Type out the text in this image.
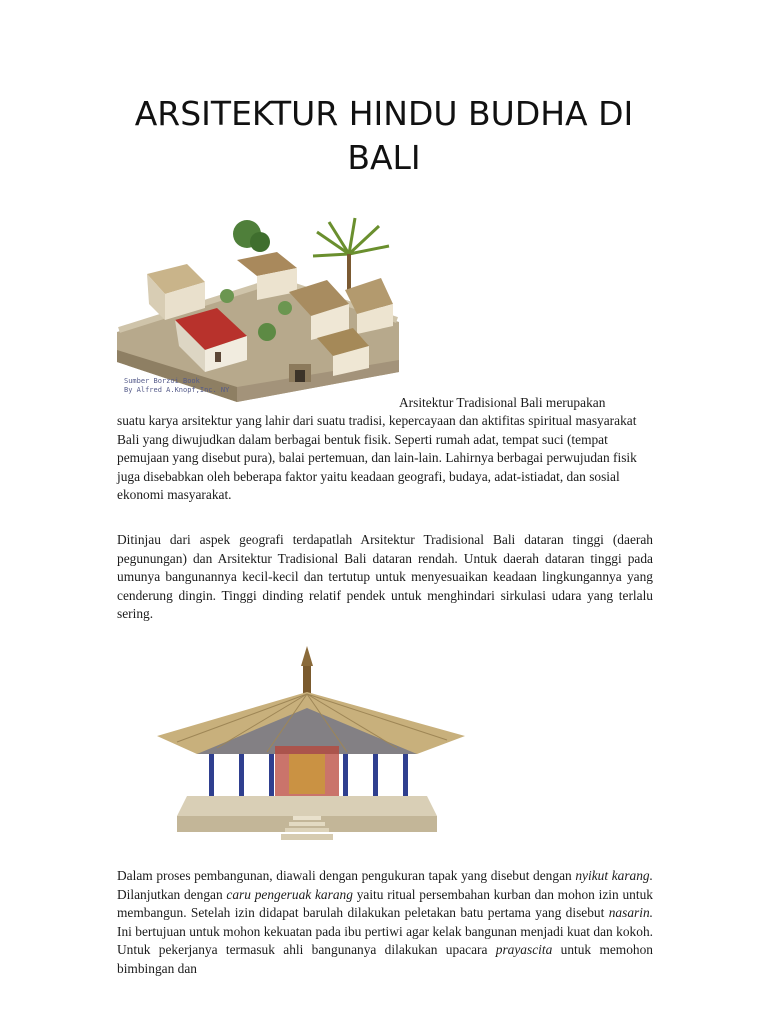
ARSITEKTUR HINDU BUDHA DI BALI
Sumber Borzoi Book
By Alfred A.Knopf,Inc. NY
Arsitektur Tradisional Bali merupakan
suatu karya arsitektur yang lahir dari suatu tradisi, kepercayaan dan aktifitas spiritual masyarakat Bali yang diwujudkan dalam berbagai bentuk fisik. Seperti rumah adat, tempat suci (tempat pemujaan yang disebut pura), balai pertemuan, dan lain-lain. Lahirnya berbagai perwujudan fisik juga disebabkan oleh beberapa faktor yaitu keadaan geografi, budaya, adat-istiadat, dan sosial ekonomi masyarakat.
Ditinjau dari aspek geografi terdapatlah Arsitektur Tradisional Bali dataran tinggi (daerah pegunungan) dan Arsitektur Tradisional Bali dataran rendah. Untuk daerah dataran tinggi pada umunya bangunannya kecil-kecil dan tertutup untuk menyesuaikan keadaan lingkungannya yang cenderung dingin. Tinggi dinding relatif pendek untuk menghindari sirkulasi udara yang terlalu sering.
Dalam proses pembangunan, diawali dengan pengukuran tapak yang disebut dengan nyikut karang. Dilanjutkan dengan caru pengeruak karang yaitu ritual persembahan kurban dan mohon izin untuk membangun. Setelah izin didapat barulah dilakukan peletakan batu pertama yang disebut nasarin. Ini bertujuan untuk mohon kekuatan pada ibu pertiwi agar kelak bangunan menjadi kuat dan kokoh. Untuk pekerjanya termasuk ahli bangunanya dilakukan upacara prayascita untuk memohon bimbingan dan
